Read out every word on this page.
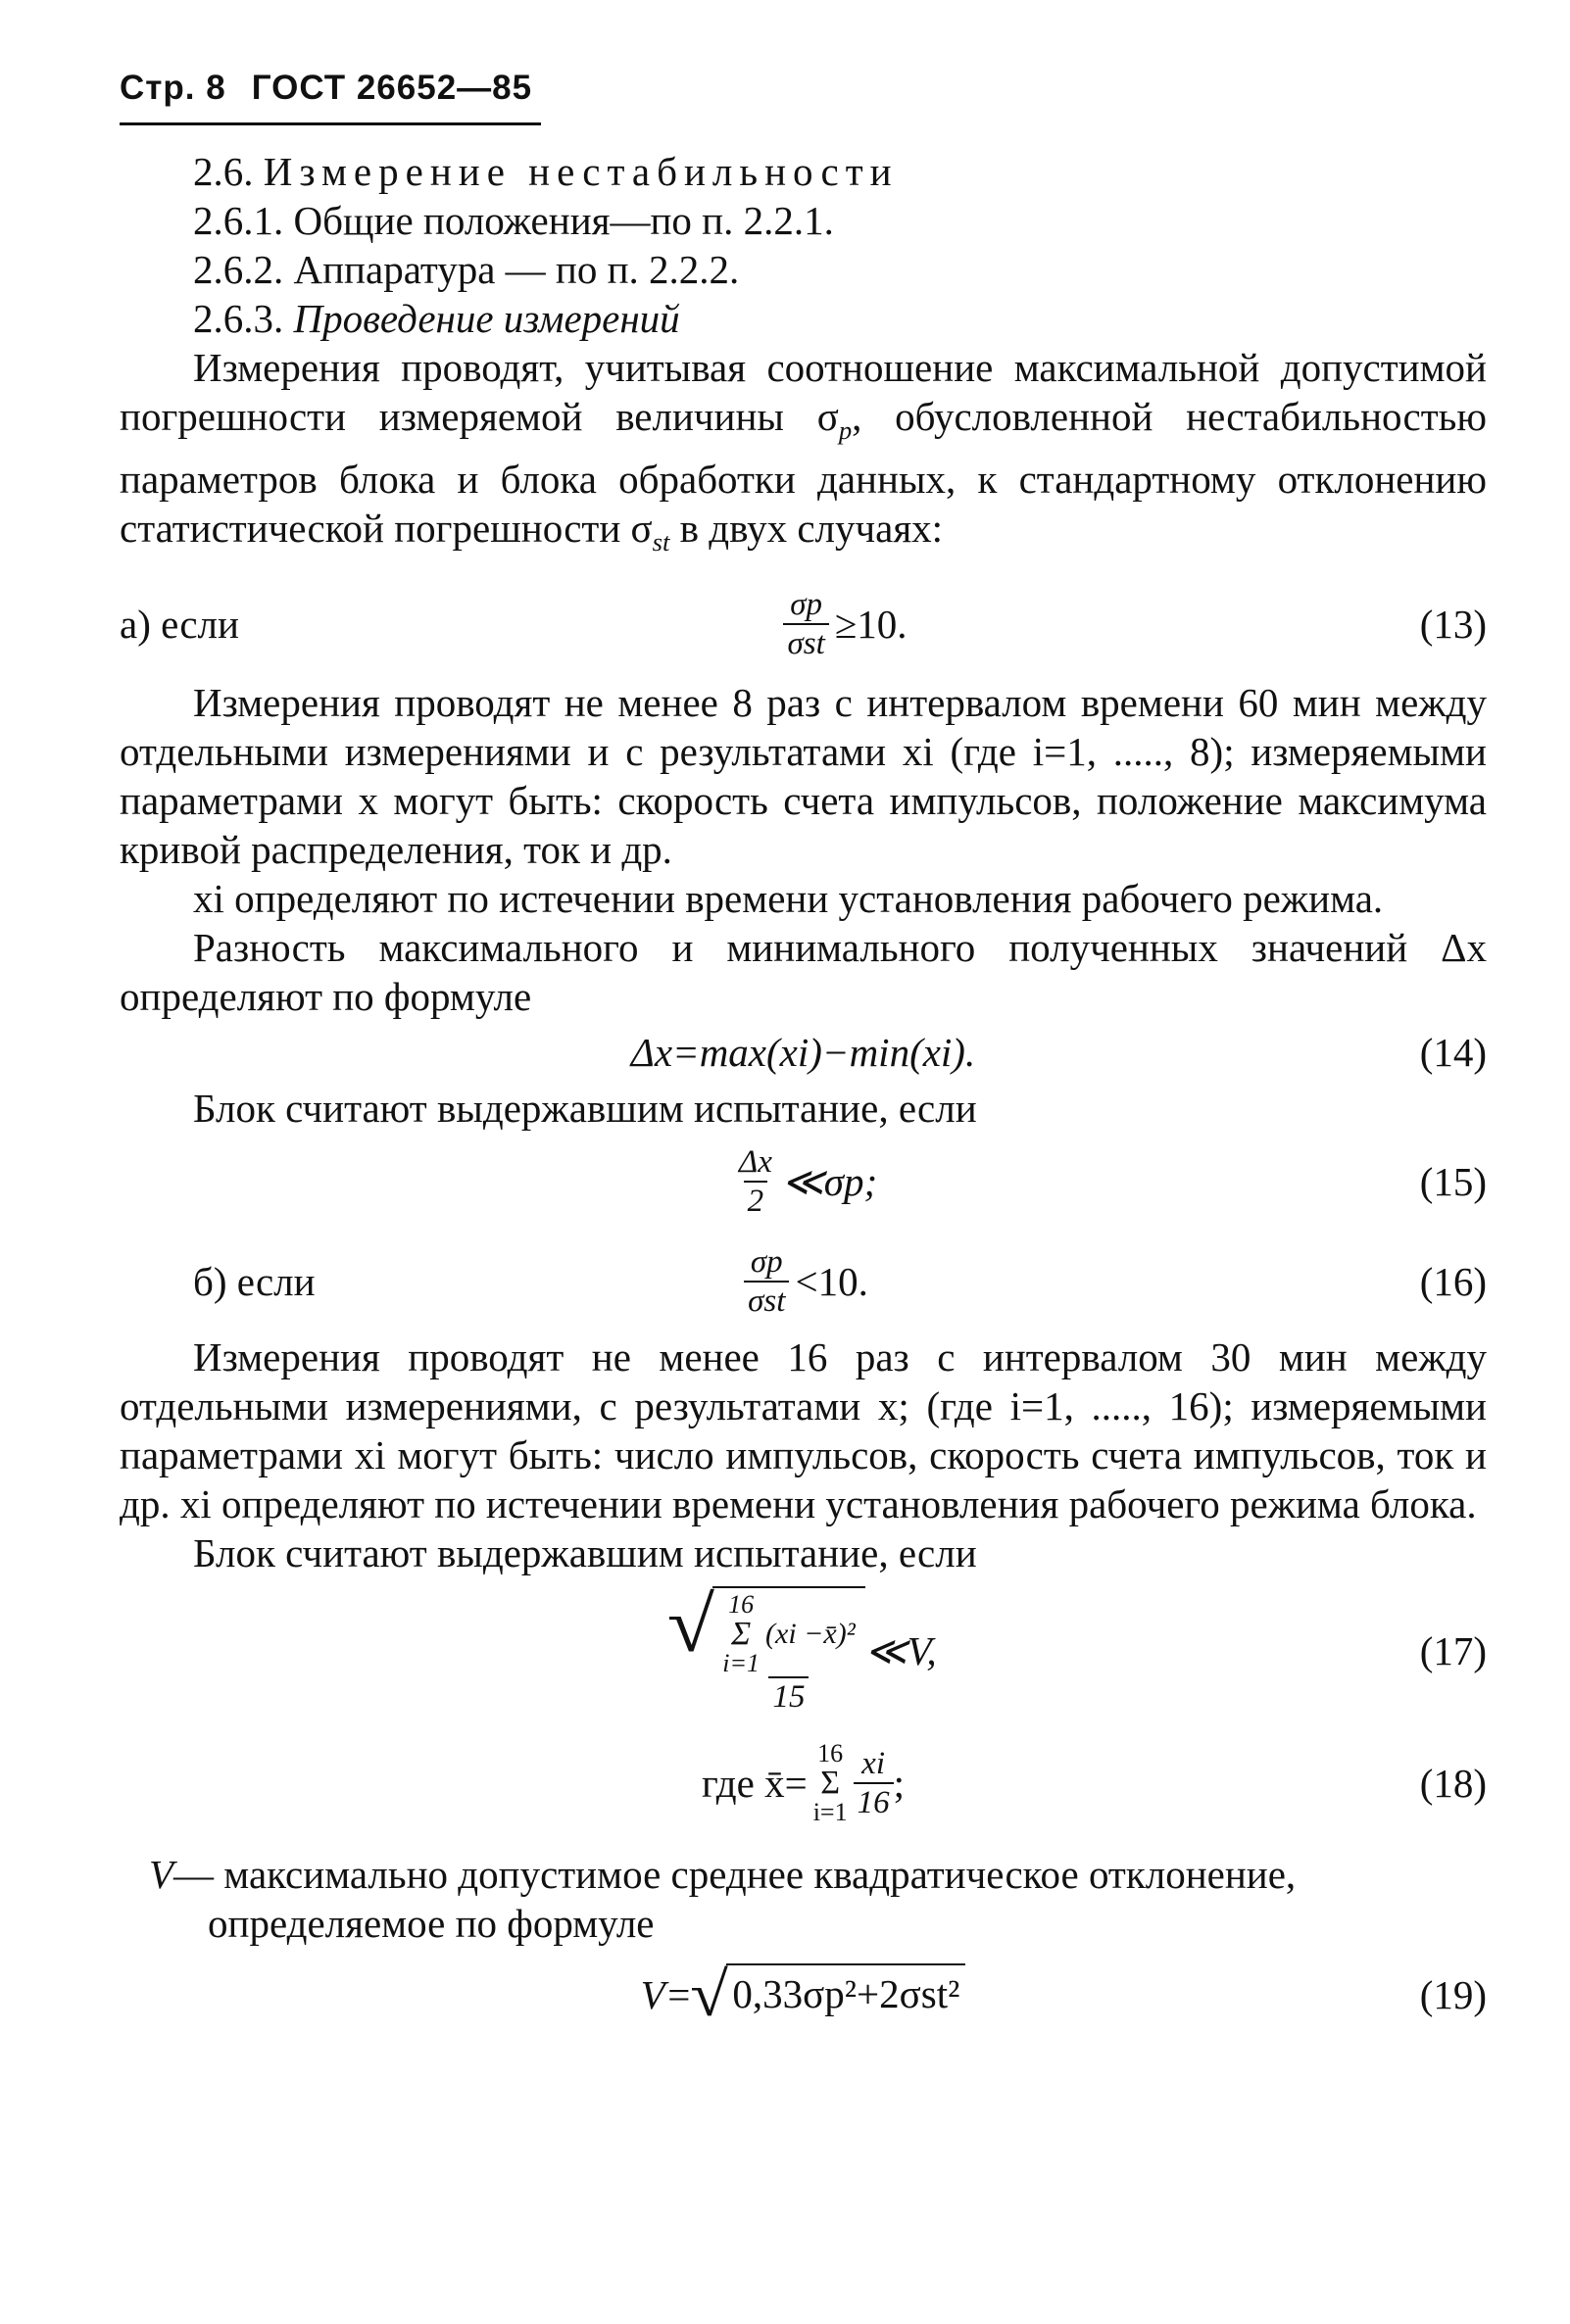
Стр. 8 ГОСТ 26652—85

2.6. Измерение нестабильности

2.6.1. Общие положения—по п. 2.2.1.

2.6.2. Аппаратура — по п. 2.2.2.

2.6.3. Проведение измерений

Измерения проводят, учитывая соотношение максимальной допустимой погрешности измеряемой величины $\sigma_p$, обусловленной нестабильностью параметров блока и блока обработки данных, к стандартному отклонению статистической погрешности $\sigma_{st}$ в двух случаях:

а) если	$\frac{\sigma p}{\text{σst}} \ge 10$.	(13)

Измерения проводят не менее 8 раз с интервалом времени 60 мин между отдельными измерениями и с результатами xi (где i=1, ....., 8); измеряемыми параметрами x могут быть: скорость счета импульсов, положение максимума кривой распределения, ток и др.

xi определяют по истечении времени установления рабочего режима.

Разность максимального и минимального полученных значений Δx определяют по формуле

Δx=max(xi)−min(xi).	(14)

Блок считают выдержавшим испытание, если

$\frac{\Delta x}{2}$ ≪σp;	(15)
б) если	$\frac{\sigma p}{\text{σst}} <10$.	(16)

Измерения проводят не менее 16 раз с интервалом 30 мин между отдельными измерениями, с результатами x; (где i=1, ....., 16); измеряемыми параметрами xi могут быть: число импульсов, скорость счета импульсов, ток и др. xi определяют по истечении времени установления рабочего режима блока.

Блок считают выдержавшим испытание, если

√ 16
Σ
i=1
(xi −x̄)²
15
≪V,	(17)
где x̄=
16
Σ
$i=1 \frac{xi}{16}$ ;	(18)

V— максимально допустимое среднее квадратическое отклонение, определяемое по формуле

V=
√ 0,33σp²+2σst²	(19)
